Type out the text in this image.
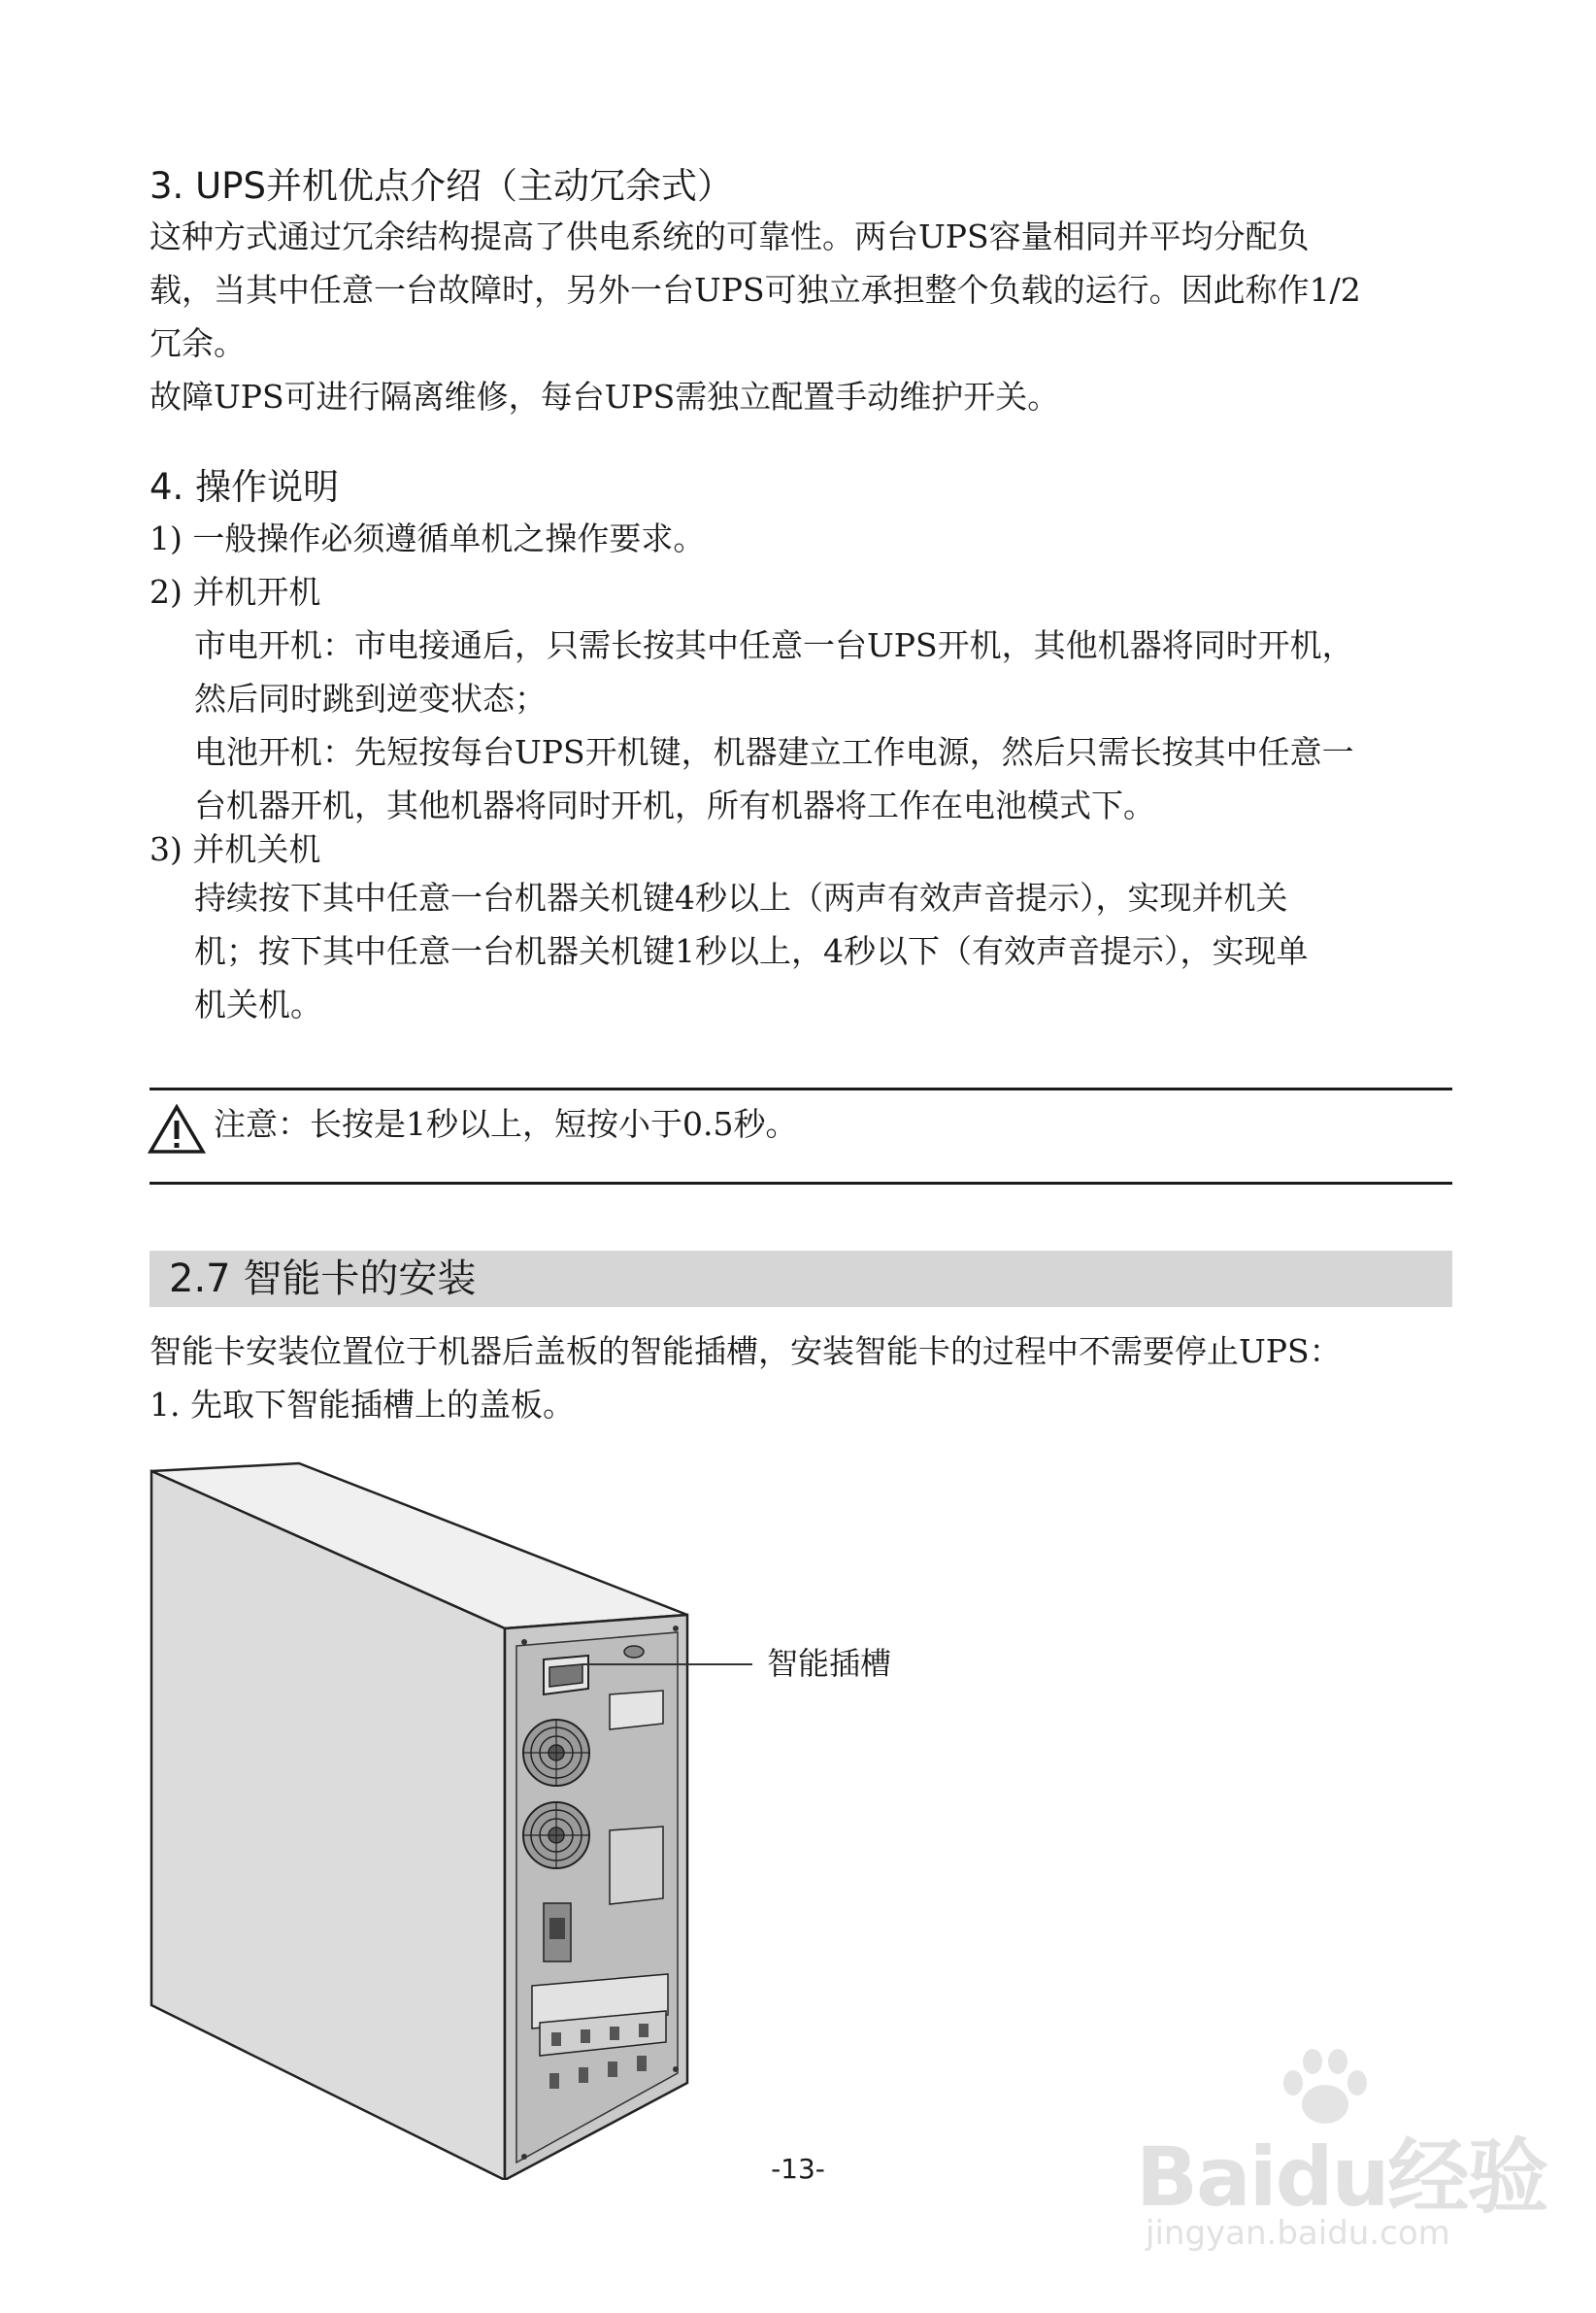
3. UPS并机优点介绍（主动冗余式）

这种方式通过冗余结构提高了供电系统的可靠性。两台UPS容量相同并平均分配负

载，当其中任意一台故障时，另外一台UPS可独立承担整个负载的运行。因此称作1/2

冗余。

故障UPS可进行隔离维修，每台UPS需独立配置手动维护开关。

4. 操作说明

1) 一般操作必须遵循单机之操作要求。

2) 并机开机

市电开机：市电接通后，只需长按其中任意一台UPS开机，其他机器将同时开机，

然后同时跳到逆变状态；

电池开机：先短按每台UPS开机键，机器建立工作电源，然后只需长按其中任意一

台机器开机，其他机器将同时开机，所有机器将工作在电池模式下。

3) 并机关机

持续按下其中任意一台机器关机键4秒以上（两声有效声音提示），实现并机关

机；按下其中任意一台机器关机键1秒以上，4秒以下（有效声音提示），实现单

机关机。

注意：长按是1秒以上，短按小于0.5秒。
2.7 智能卡的安装

智能卡安装位置位于机器后盖板的智能插槽，安装智能卡的过程中不需要停止UPS：

1. 先取下智能插槽上的盖板。

智能插槽
-13-	Baidu经验
jingyan.baidu.com
